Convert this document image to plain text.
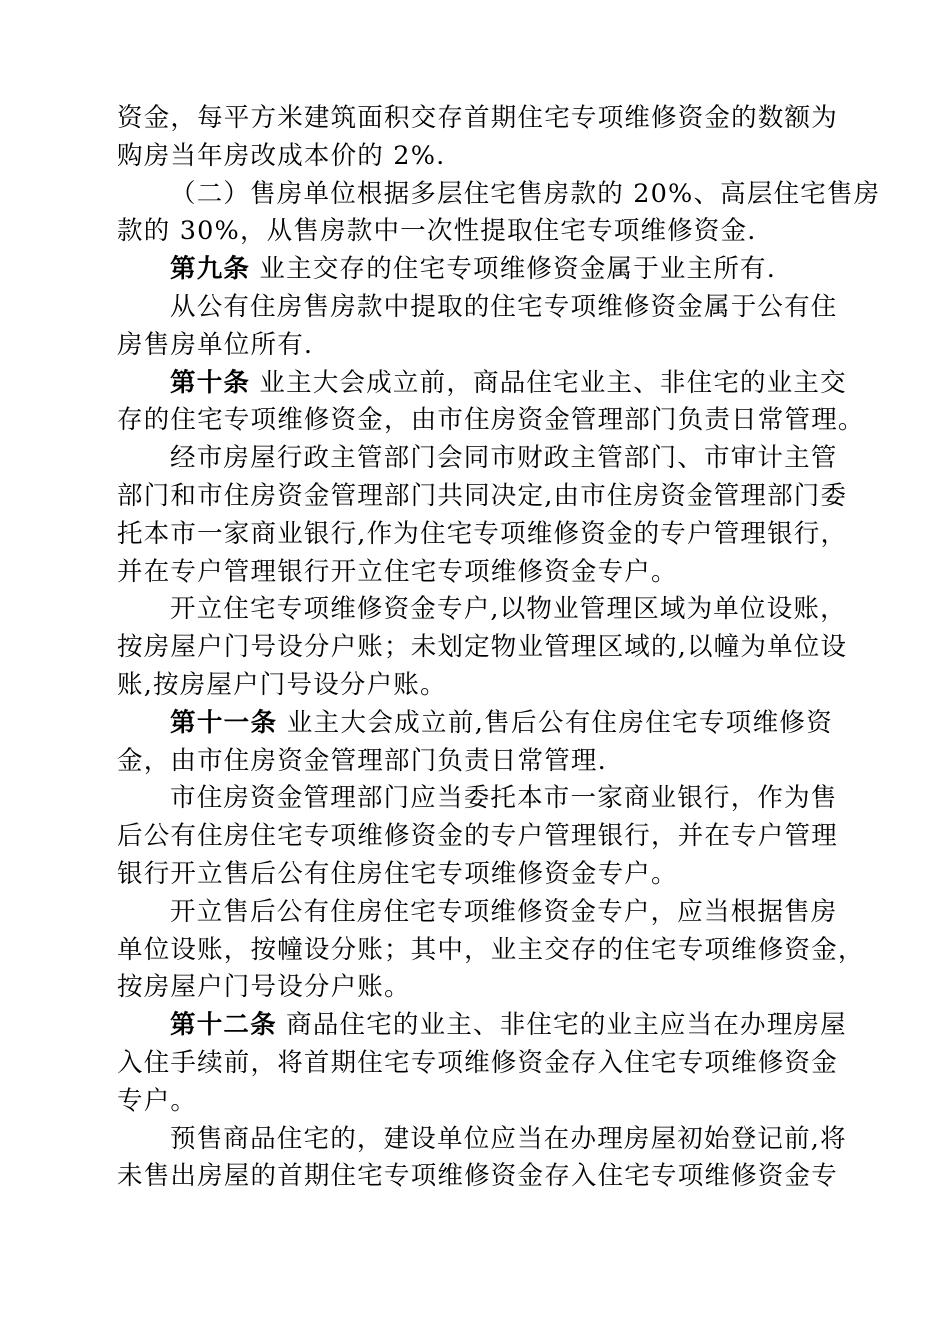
资金，每平方米建筑面积交存首期住宅专项维修资金的数额为
购房当年房改成本价的 2%.
（二）售房单位根据多层住宅售房款的 20%、高层住宅售房
款的 30%，从售房款中一次性提取住宅专项维修资金.
第九条 业主交存的住宅专项维修资金属于业主所有.
从公有住房售房款中提取的住宅专项维修资金属于公有住
房售房单位所有.
第十条 业主大会成立前，商品住宅业主、非住宅的业主交
存的住宅专项维修资金，由市住房资金管理部门负责日常管理。
经市房屋行政主管部门会同市财政主管部门、市审计主管
部门和市住房资金管理部门共同决定,由市住房资金管理部门委
托本市一家商业银行,作为住宅专项维修资金的专户管理银行，
并在专户管理银行开立住宅专项维修资金专户。
开立住宅专项维修资金专户,以物业管理区域为单位设账，
按房屋户门号设分户账；未划定物业管理区域的,以幢为单位设
账,按房屋户门号设分户账。
第十一条 业主大会成立前,售后公有住房住宅专项维修资
金，由市住房资金管理部门负责日常管理.
市住房资金管理部门应当委托本市一家商业银行，作为售
后公有住房住宅专项维修资金的专户管理银行，并在专户管理
银行开立售后公有住房住宅专项维修资金专户。
开立售后公有住房住宅专项维修资金专户，应当根据售房
单位设账，按幢设分账；其中，业主交存的住宅专项维修资金，
按房屋户门号设分户账。
第十二条 商品住宅的业主、非住宅的业主应当在办理房屋
入住手续前，将首期住宅专项维修资金存入住宅专项维修资金
专户。
预售商品住宅的，建设单位应当在办理房屋初始登记前,将
未售出房屋的首期住宅专项维修资金存入住宅专项维修资金专
